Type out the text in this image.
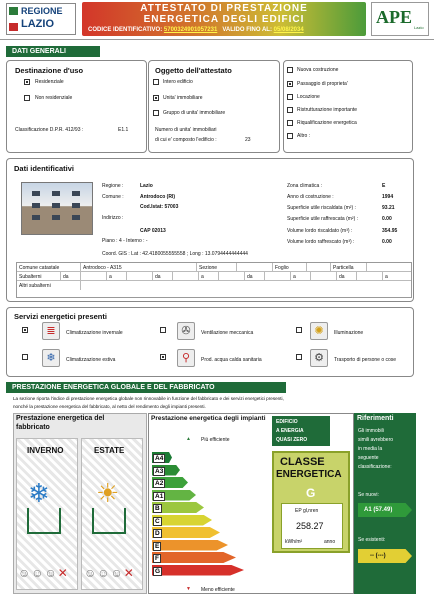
REGIONE
LAZIO
ATTESTATO DI PRESTAZIONE
ENERGETICA DEGLI EDIFICI
CODICE IDENTIFICATIVO: 5700324901057231 VALIDO FINO AL: 05/08/2034
APE
Lazio
DATI GENERALI
Destinazione d'uso
Residenziale
Non residenziale
Classificazione D.P.R. 412/93 :	E1.1
Oggetto dell'attestato
Intero edificio
Unita' immobiliare
Gruppo di unita' immobiliare
Numero di unita' immobiliari
di cui e' composto l'edificio :	23
Nuova costruzione
Passaggio di proprieta'
Locazione
Ristrutturazione importante
Riqualificazione energetica
Altro :
Dati identificativi
Regione :	Lazio
Comune :	Antrodoco (RI)
Cod.Istat: 57003
Indirizzo :
CAP 02013
Piano : 4 - Interno : -
Coord. GIS : Lat : 42.4180055555558 ; Long : 13.0794444444444
Zona climatica :	E
Anno di costruzione :	1994
Superficie utile riscaldata (m²) :	93.21
Superficie utile raffrescata (m²) :	0.00
Volume lordo riscaldato (m³) :	354.95
Volume lordo raffrescato (m³) :	0.00
Comune catastale	Antrodoco - A315	Sezione	Foglio	Particella
Subalterni	da	a	da	a	da	a	da	a
Altri subalterni
Servizi energetici presenti
≣	Climatizzazione invernale
❄	Climatizzazione estiva
✇	Ventilazione meccanica
⚲	Prod. acqua calda sanitaria
✺	Illuminazione
⚙	Trasporto di persone o cose
PRESTAZIONE ENERGETICA GLOBALE E DEL FABBRICATO
La sezione riporta l'indice di prestazione energetica globale non rinnovabile in funzione del fabbricato e dei servizi energetici presenti,
nonché la prestazione energetica del fabbricato, al netto del rendimento degli impianti presenti.
Prestazione energetica del
fabbricato
INVERNO	ESTATE
❄ ☀
☺☺☺✕ ☺☺☺✕
Prestazione energetica degli impianti
▲ Più efficiente
A4
A3
A2
A1
B
C
D
E
F
G
▼ Meno efficiente
EDIFICIO
A ENERGIA
QUASI ZERO
CLASSE
ENERGETICA
G
EP gl,nren
258.27
kWh/m²	anno
Riferimenti
Gli immobili
simili avrebbero
in media la
seguente
classificazione:
Se nuovi:
A1 (57.49)
Se esistenti:
-- (---)
